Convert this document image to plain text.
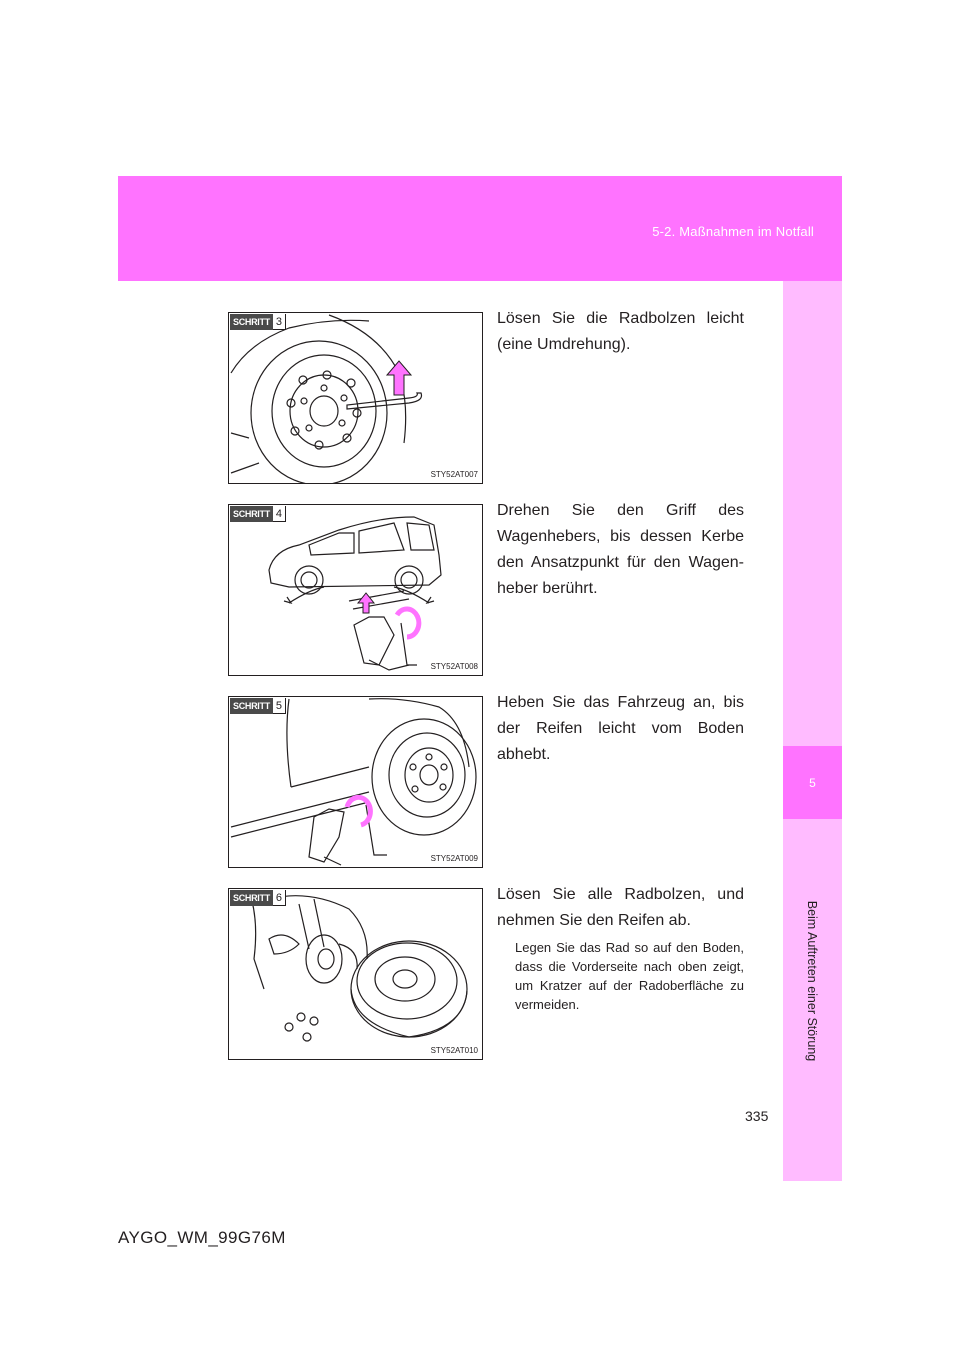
5-2. Maßnahmen im Notfall
5
Beim Auftreten einer Störung
SCHRITT 3
STY52AT007
Lösen Sie die Radbolzen leicht (eine Umdrehung).
SCHRITT 4
STY52AT008
Drehen Sie den Griff des Wagenhebers, bis dessen Kerbe den Ansatzpunkt für den Wagen-heber berührt.
SCHRITT 5
STY52AT009
Heben Sie das Fahrzeug an, bis der Reifen leicht vom Boden abhebt.
SCHRITT 6
STY52AT010
Lösen Sie alle Radbolzen, und nehmen Sie den Reifen ab.
Legen Sie das Rad so auf den Boden, dass die Vorderseite nach oben zeigt, um Kratzer auf der Radoberfläche zu vermeiden.
335
AYGO_WM_99G76M
